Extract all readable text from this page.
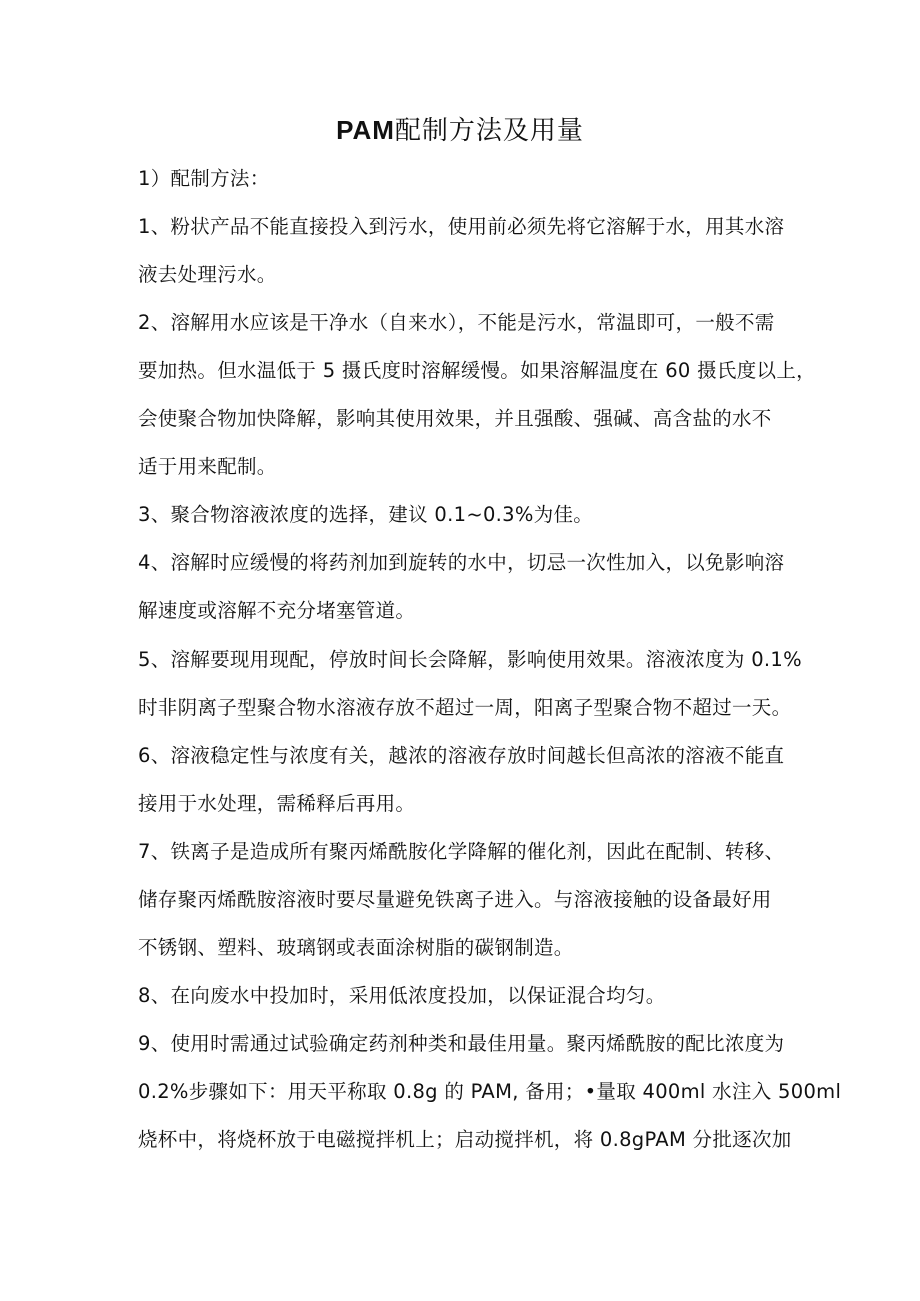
PAM配制方法及用量
1）配制方法：
1、粉状产品不能直接投入到污水，使用前必须先将它溶解于水，用其水溶
液去处理污水。
2、溶解用水应该是干净水（自来水），不能是污水，常温即可，一般不需
要加热。但水温低于 5 摄氏度时溶解缓慢。如果溶解温度在 60 摄氏度以上，
会使聚合物加快降解，影响其使用效果，并且强酸、强碱、高含盐的水不
适于用来配制。
3、聚合物溶液浓度的选择，建议 0.1~0.3%为佳。
4、溶解时应缓慢的将药剂加到旋转的水中，切忌一次性加入，以免影响溶
解速度或溶解不充分堵塞管道。
5、溶解要现用现配，停放时间长会降解，影响使用效果。溶液浓度为 0.1%
时非阴离子型聚合物水溶液存放不超过一周，阳离子型聚合物不超过一天。
6、溶液稳定性与浓度有关，越浓的溶液存放时间越长但高浓的溶液不能直
接用于水处理，需稀释后再用。
7、铁离子是造成所有聚丙烯酰胺化学降解的催化剂，因此在配制、转移、
储存聚丙烯酰胺溶液时要尽量避免铁离子进入。与溶液接触的设备最好用
不锈钢、塑料、玻璃钢或表面涂树脂的碳钢制造。
8、在向废水中投加时，采用低浓度投加，以保证混合均匀。
9、使用时需通过试验确定药剂种类和最佳用量。聚丙烯酰胺的配比浓度为
0.2%步骤如下：用天平称取 0.8g 的 PAM, 备用；•量取 400ml 水注入 500ml
烧杯中，将烧杯放于电磁搅拌机上；启动搅拌机，将 0.8gPAM 分批逐次加
